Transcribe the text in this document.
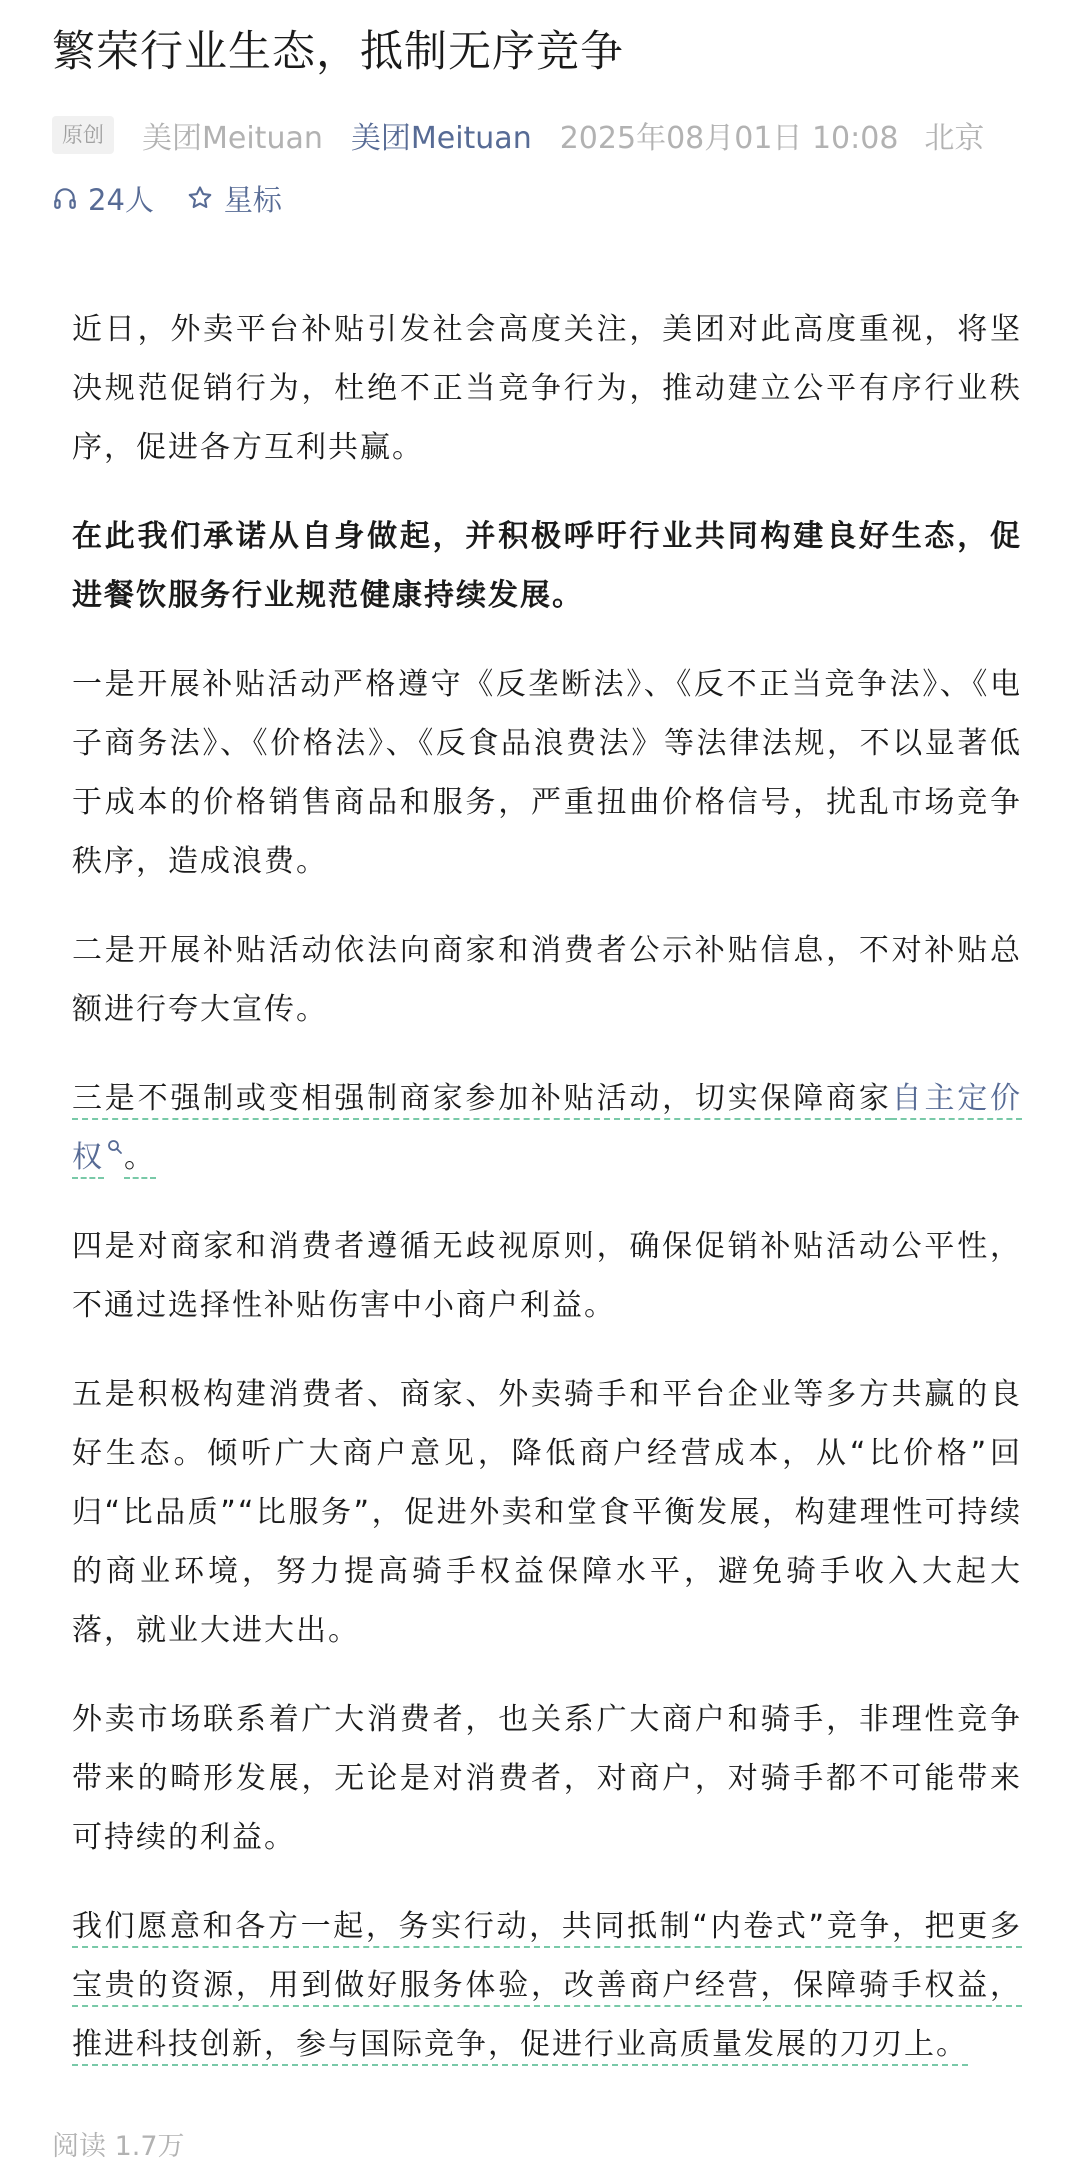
繁荣行业生态，抵制无序竞争
原创	美团Meituan 美团Meituan 2025年08月01日 10:08 北京
24人 星标

近日，外卖平台补贴引发社会高度关注，美团对此高度重视，将坚决规范促销行为，杜绝不正当竞争行为，推动建立公平有序行业秩序，促进各方互利共赢。

在此我们承诺从自身做起，并积极呼吁行业共同构建良好生态，促进餐饮服务行业规范健康持续发展。

一是开展补贴活动严格遵守《反垄断法》、《反不正当竞争法》、《电子商务法》、《价格法》、《反食品浪费法》等法律法规，不以显著低于成本的价格销售商品和服务，严重扭曲价格信号，扰乱市场竞争秩序，造成浪费。

二是开展补贴活动依法向商家和消费者公示补贴信息，不对补贴总额进行夸大宣传。

三是不强制或变相强制商家参加补贴活动，切实保障商家自主定价权 。

四是对商家和消费者遵循无歧视原则，确保促销补贴活动公平性，不通过选择性补贴伤害中小商户利益。

五是积极构建消费者、商家、外卖骑手和平台企业等多方共赢的良好生态。倾听广大商户意见，降低商户经营成本，从“比价格”回归“比品质”“比服务”，促进外卖和堂食平衡发展，构建理性可持续的商业环境，努力提高骑手权益保障水平，避免骑手收入大起大落，就业大进大出。

外卖市场联系着广大消费者，也关系广大商户和骑手，非理性竞争带来的畸形发展，无论是对消费者，对商户，对骑手都不可能带来可持续的利益。

我们愿意和各方一起，务实行动，共同抵制“内卷式”竞争，把更多宝贵的资源，用到做好服务体验，改善商户经营，保障骑手权益，推进科技创新，参与国际竞争，促进行业高质量发展的刀刃上。

阅读 1.7万
